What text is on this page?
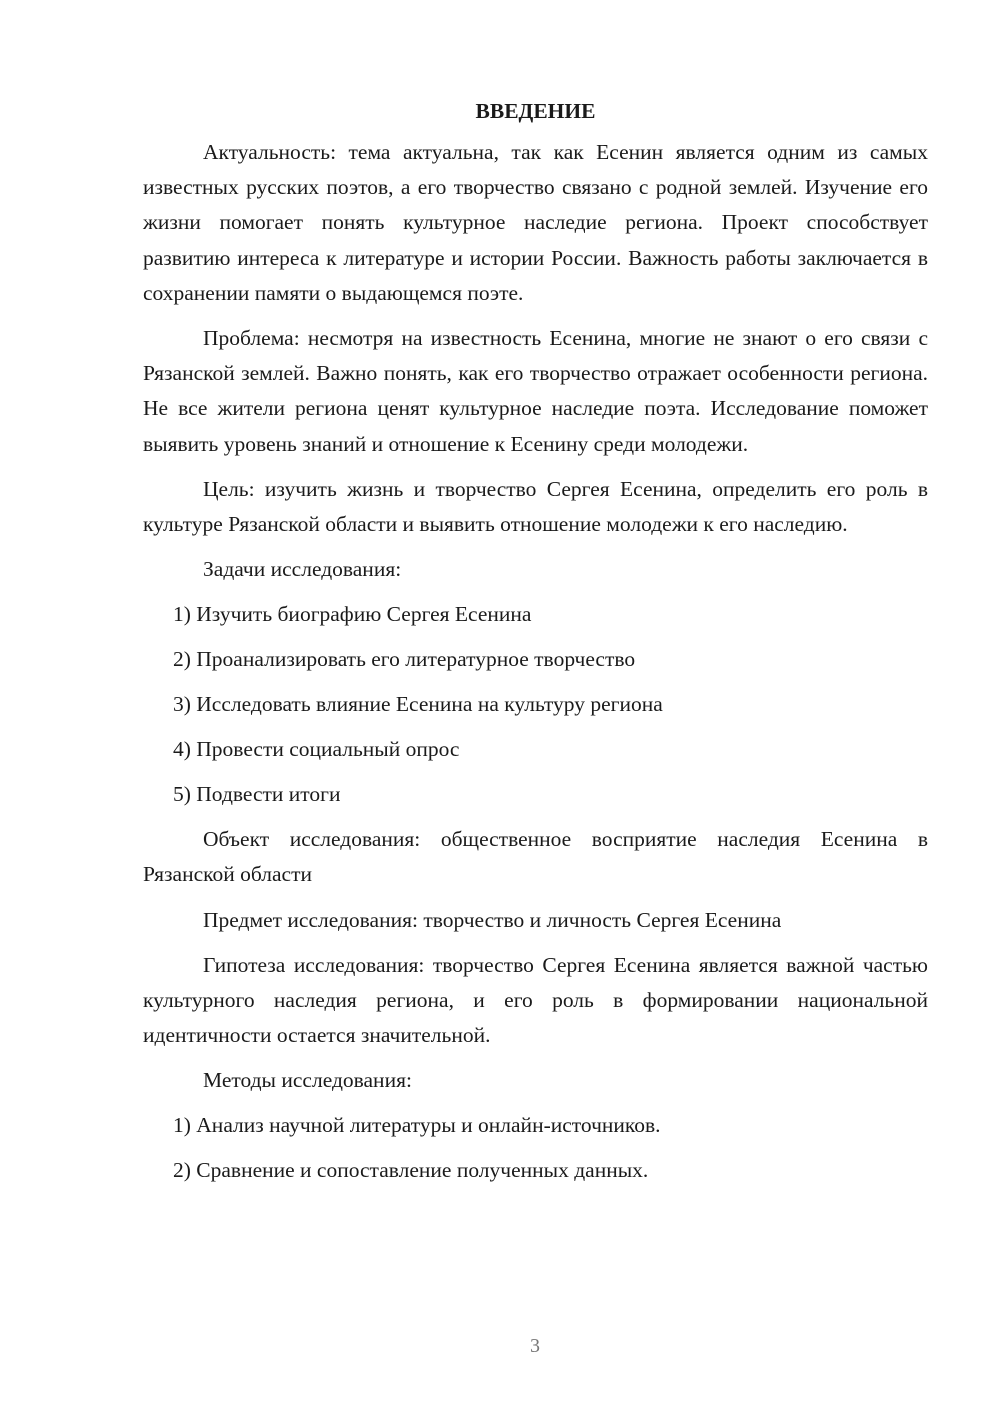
ВВЕДЕНИЕ

Актуальность: тема актуальна, так как Есенин является одним из самых известных русских поэтов, а его творчество связано с родной землей. Изучение его жизни помогает понять культурное наследие региона. Проект способствует развитию интереса к литературе и истории России. Важность работы заключается в сохранении памяти о выдающемся поэте.

Проблема: несмотря на известность Есенина, многие не знают о его связи с Рязанской землей. Важно понять, как его творчество отражает особенности региона. Не все жители региона ценят культурное наследие поэта. Исследование поможет выявить уровень знаний и отношение к Есенину среди молодежи.

Цель: изучить жизнь и творчество Сергея Есенина, определить его роль в культуре Рязанской области и выявить отношение молодежи к его наследию.

Задачи исследования:

1) Изучить биографию Сергея Есенина

2) Проанализировать его литературное творчество

3) Исследовать влияние Есенина на культуру региона

4) Провести социальный опрос

5) Подвести итоги

Объект исследования: общественное восприятие наследия Есенина в Рязанской области

Предмет исследования: творчество и личность Сергея Есенина

Гипотеза исследования: творчество Сергея Есенина является важной частью культурного наследия региона, и его роль в формировании национальной идентичности остается значительной.

Методы исследования:

1) Анализ научной литературы и онлайн-источников.

2) Сравнение и сопоставление полученных данных.

3
